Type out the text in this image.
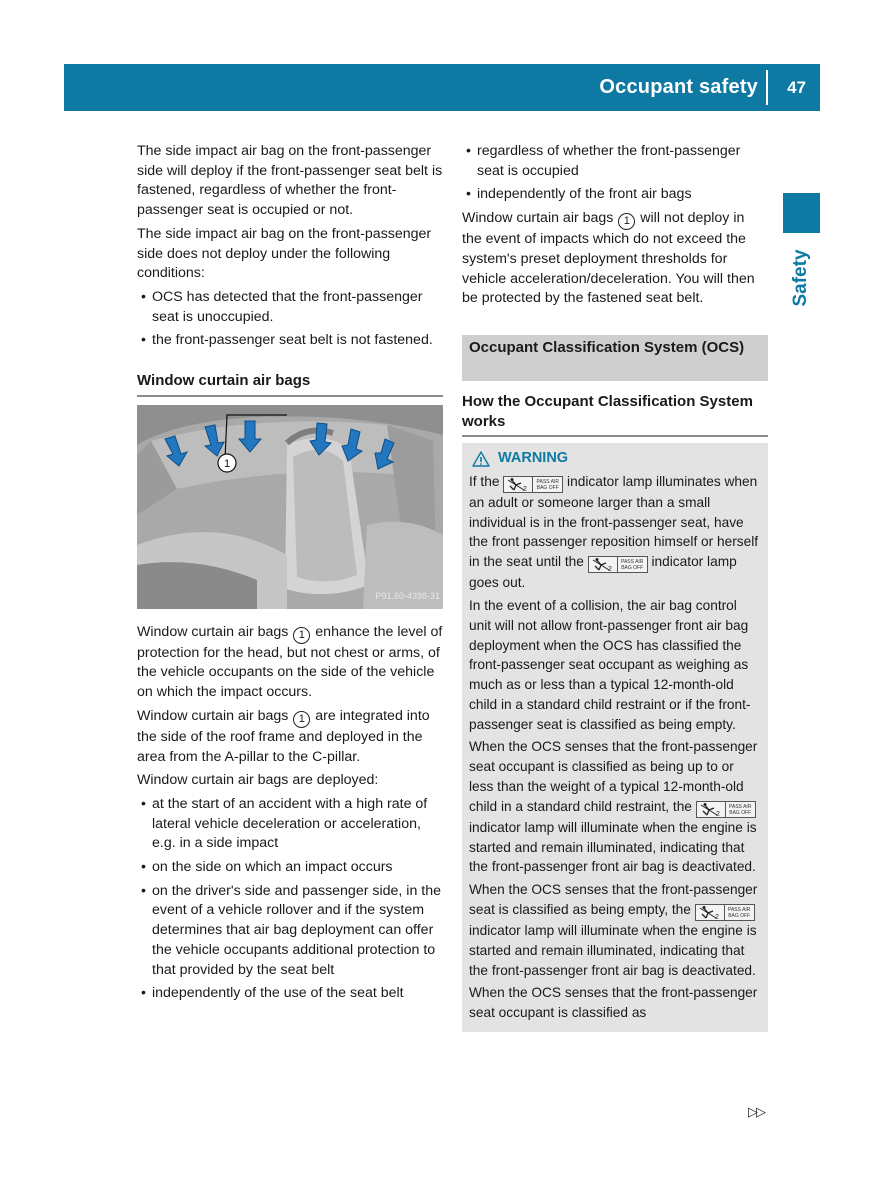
Occupant safety 47
Safety

The side impact air bag on the front-passenger side will deploy if the front-passenger seat belt is fastened, regardless of whether the front-passenger seat is occupied or not.

The side impact air bag on the front-passenger side does not deploy under the following conditions:

• OCS has detected that the front-passenger seat is unoccupied.
• the front-passenger seat belt is not fastened.
Window curtain air bags
1
P91.60-4398-31

Window curtain air bags 1 enhance the level of protection for the head, but not chest or arms, of the vehicle occupants on the side of the vehicle on which the impact occurs.

Window curtain air bags 1 are integrated into the side of the roof frame and deployed in the area from the A-pillar to the C-pillar.

Window curtain air bags are deployed:

• at the start of an accident with a high rate of lateral vehicle deceleration or acceleration, e.g. in a side impact
• on the side on which an impact occurs
• on the driver's side and passenger side, in the event of a vehicle rollover and if the system determines that air bag deployment can offer the vehicle occupants additional protection to that provided by the seat belt
• independently of the use of the seat belt
• regardless of whether the front-passenger seat is occupied
• independently of the front air bags

Window curtain air bags 1 will not deploy in the event of impacts which do not exceed the system's preset deployment thresholds for vehicle acceleration/deceleration. You will then be protected by the fastened seat belt.

Occupant Classification System (OCS)
How the Occupant Classification System works
WARNING

If the
2
PASS AIR BAG OFF indicator lamp illuminates when an adult or someone larger than a small individual is in the front-passenger seat, have the front passenger reposition himself or herself in the seat until the
2
PASS AIR BAG OFF indicator lamp goes out.

In the event of a collision, the air bag control unit will not allow front-passenger front air bag deployment when the OCS has classified the front-passenger seat occupant as weighing as much as or less than a typical 12-month-old child in a standard child restraint or if the front-passenger seat is classified as being empty.

When the OCS senses that the front-passenger seat occupant is classified as being up to or less than the weight of a typical 12-month-old child in a standard child restraint, the
2
PASS AIR BAG OFF indicator lamp will illuminate when the engine is started and remain illuminated, indicating that the front-passenger front air bag is deactivated.

When the OCS senses that the front-passenger seat is classified as being empty, the
2
PASS AIR BAG OFF indicator lamp will illuminate when the engine is started and remain illuminated, indicating that the front-passenger front air bag is deactivated.

When the OCS senses that the front-passenger seat occupant is classified as

▷▷
